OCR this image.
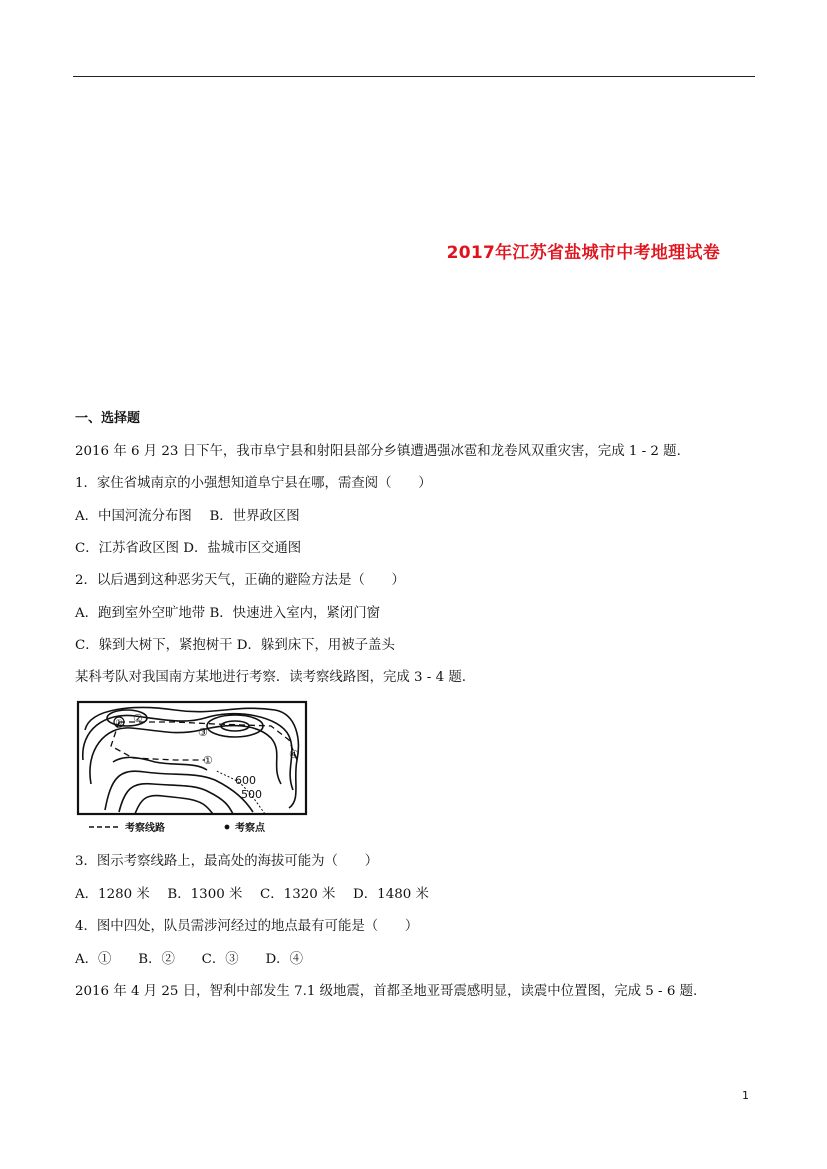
2017年江苏省盐城市中考地理试卷
一、选择题
2016 年 6 月 23 日下午，我市阜宁县和射阳县部分乡镇遭遇强冰雹和龙卷风双重灾害，完成 1 - 2 题.
1．家住省城南京的小强想知道阜宁县在哪，需查阅（　　）
A．中国河流分布图　 B．世界政区图
C．江苏省政区图 D．盐城市区交通图
2．以后遇到这种恶劣天气，正确的避险方法是（　　）
A．跑到室外空旷地带 B．快速进入室内，紧闭门窗
C．躲到大树下，紧抱树干 D．躲到床下，用被子盖头
某科考队对我国南方某地进行考察．读考察线路图，完成 3 - 4 题.
① ②
③
④
①
600
500
考察线路	考察点
3．图示考察线路上，最高处的海拔可能为（　　）
A．1280 米　 B．1300 米　 C．1320 米　 D．1480 米
4．图中四处，队员需涉河经过的地点最有可能是（　　）
A．①　　B．②　　C．③　　D．④
2016 年 4 月 25 日，智利中部发生 7.1 级地震，首都圣地亚哥震感明显，读震中位置图，完成 5 - 6 题.
1
